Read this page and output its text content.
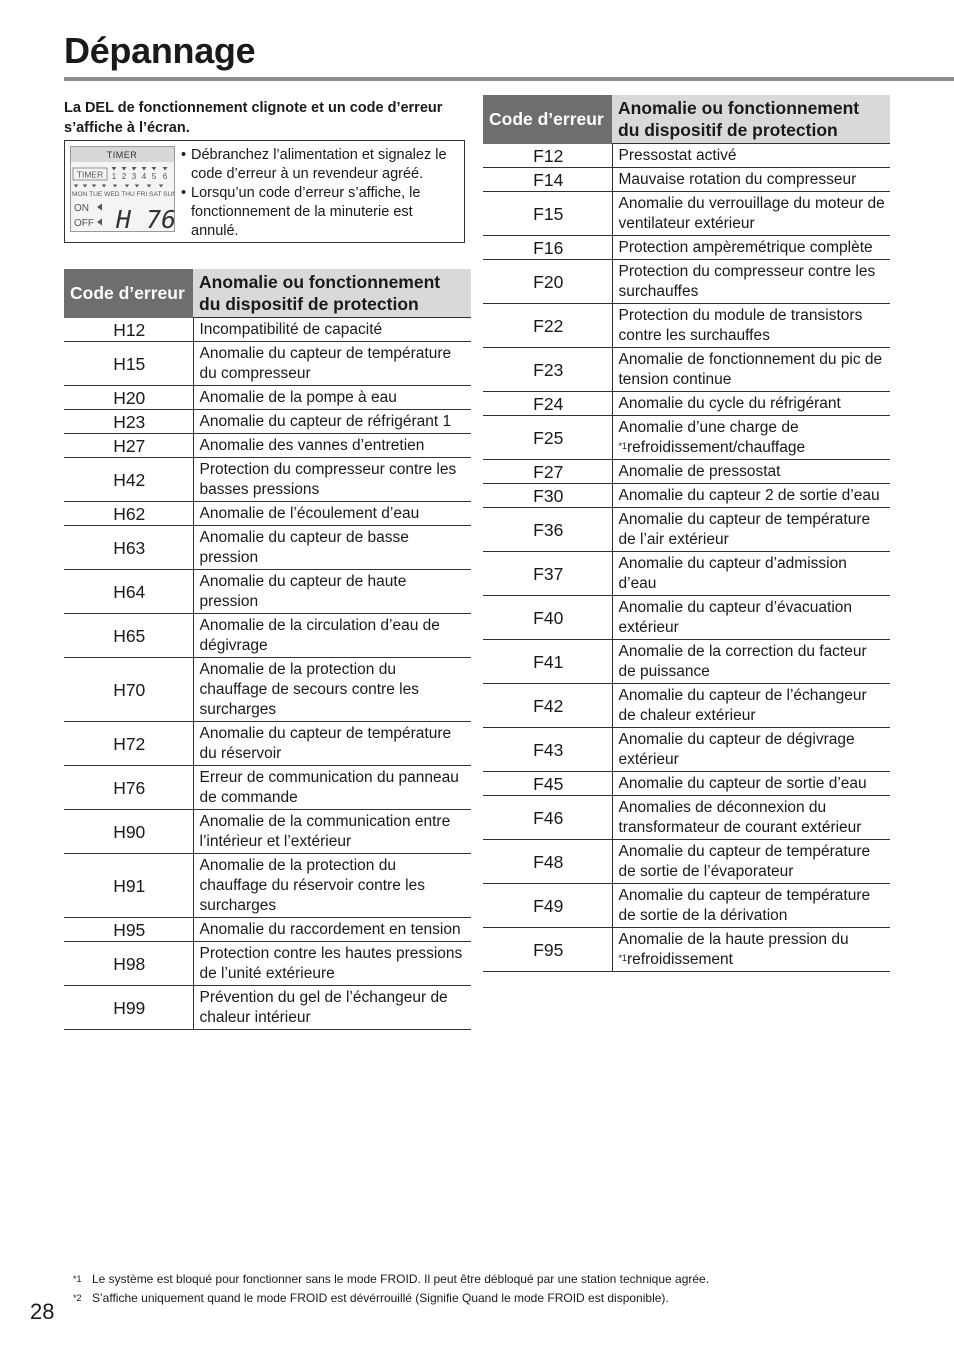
Dépannage

La DEL de fonctionnement clignote et un code d’erreur s’affiche à l’écran.

TIMER
TIMER 1 2 3 4 5 6
MON TUE WED THU FRI SAT SUN
ON
OFF H 76

• Débranchez l’alimentation et signalez le code d’erreur à un revendeur agréé.

• Lorsqu’un code d’erreur s’affiche, le fonctionnement de la minuterie est annulé.

Code d’erreur	Anomalie ou fonctionnement du dispositif de protection
H12	Incompatibilité de capacité
H15	Anomalie du capteur de température du compresseur
H20	Anomalie de la pompe à eau
H23	Anomalie du capteur de réfrigérant 1
H27	Anomalie des vannes d’entretien
H42	Protection du compresseur contre les basses pressions
H62	Anomalie de l’écoulement d’eau
H63	Anomalie du capteur de basse pression
H64	Anomalie du capteur de haute pression
H65	Anomalie de la circulation d’eau de dégivrage
H70	Anomalie de la protection du chauffage de secours contre les surcharges
H72	Anomalie du capteur de température du réservoir
H76	Erreur de communication du panneau de commande
H90	Anomalie de la communication entre l’intérieur et l’extérieur
H91	Anomalie de la protection du chauffage du réservoir contre les surcharges
H95	Anomalie du raccordement en tension
H98	Protection contre les hautes pressions de l’unité extérieure
H99	Prévention du gel de l’échangeur de chaleur intérieur
Code d’erreur	Anomalie ou fonctionnement du dispositif de protection
F12	Pressostat activé
F14	Mauvaise rotation du compresseur
F15	Anomalie du verrouillage du moteur de ventilateur extérieur
F16	Protection ampèremétrique complète
F20	Protection du compresseur contre les surchauffes
F22	Protection du module de transistors contre les surchauffes
F23	Anomalie de fonctionnement du pic de tension continue
F24	Anomalie du cycle du réfrigérant
F25	Anomalie d’une charge de $^{*1}$refroidissement/chauffage
F27	Anomalie de pressostat
F30	Anomalie du capteur 2 de sortie d’eau
F36	Anomalie du capteur de température de l’air extérieur
F37	Anomalie du capteur d’admission d’eau
F40	Anomalie du capteur d’évacuation extérieur
F41	Anomalie de la correction du facteur de puissance
F42	Anomalie du capteur de l’échangeur de chaleur extérieur
F43	Anomalie du capteur de dégivrage extérieur
F45	Anomalie du capteur de sortie d’eau
F46	Anomalies de déconnexion du transformateur de courant extérieur
F48	Anomalie du capteur de température de sortie de l’évaporateur
F49	Anomalie du capteur de température de sortie de la dérivation
F95	Anomalie de la haute pression du $^{*1}$refroidissement

*1 Le système est bloqué pour fonctionner sans le mode FROID. Il peut être débloqué par une station technique agrée.

*2 S’affiche uniquement quand le mode FROID est dévérrouillé (Signifie Quand le mode FROID est disponible).

28
